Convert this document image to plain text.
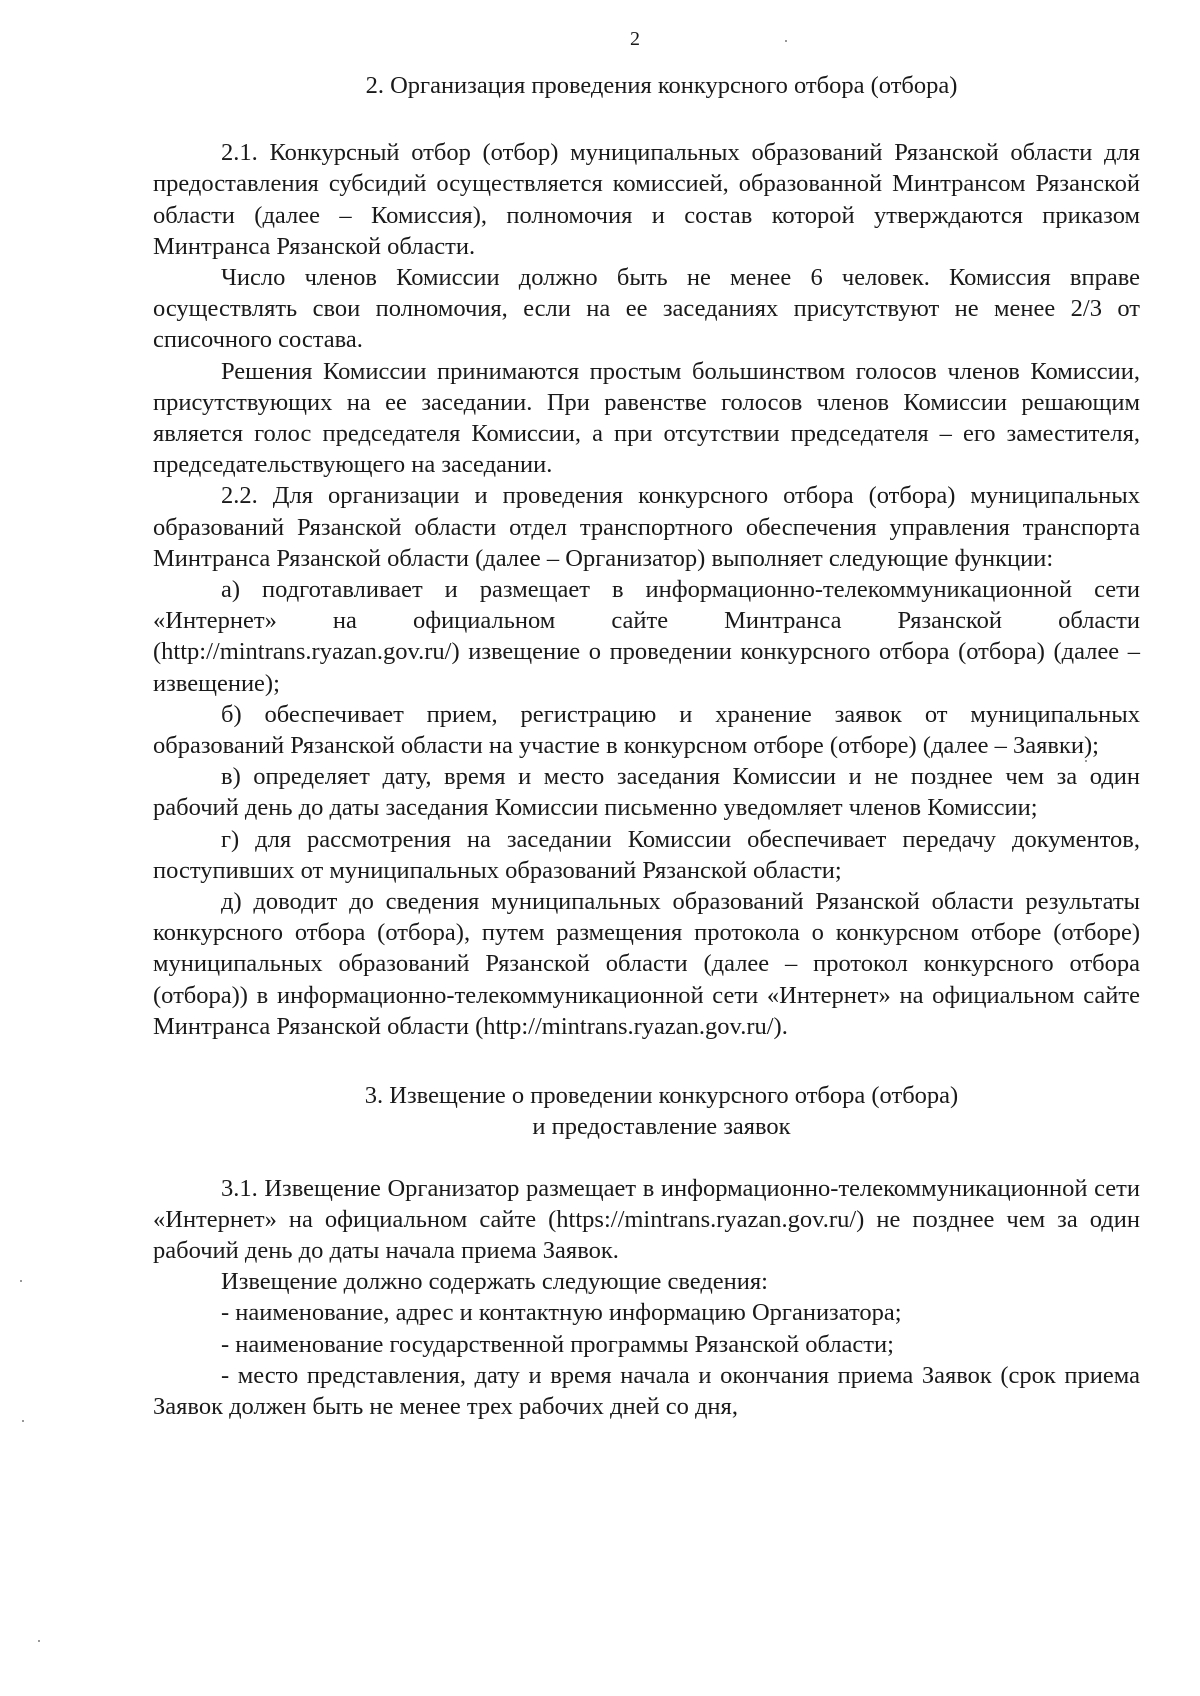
2
2. Организация проведения конкурсного отбора (отбора)

2.1. Конкурсный отбор (отбор) муниципальных образований Рязанской области для предоставления субсидий осуществляется комиссией, образованной Минтрансом Рязанской области (далее – Комиссия), полномочия и состав которой утверждаются приказом Минтранса Рязанской области.

Число членов Комиссии должно быть не менее 6 человек. Комиссия вправе осуществлять свои полномочия, если на ее заседаниях присутствуют не менее 2/3 от списочного состава.

Решения Комиссии принимаются простым большинством голосов членов Комиссии, присутствующих на ее заседании. При равенстве голосов членов Комиссии решающим является голос председателя Комиссии, а при отсутствии председателя – его заместителя, председательствующего на заседании.

2.2. Для организации и проведения конкурсного отбора (отбора) муниципальных образований Рязанской области отдел транспортного обеспечения управления транспорта Минтранса Рязанской области (далее – Организатор) выполняет следующие функции:

а) подготавливает и размещает в информационно-телекоммуникационной сети «Интернет» на официальном сайте Минтранса Рязанской области (http://mintrans.ryazan.gov.ru/) извещение о проведении конкурсного отбора (отбора) (далее – извещение);

б) обеспечивает прием, регистрацию и хранение заявок от муниципальных образований Рязанской области на участие в конкурсном отборе (отборе) (далее – Заявки);

в) определяет дату, время и место заседания Комиссии и не позднее чем за один рабочий день до даты заседания Комиссии письменно уведомляет членов Комиссии;

г) для рассмотрения на заседании Комиссии обеспечивает передачу документов, поступивших от муниципальных образований Рязанской области;

д) доводит до сведения муниципальных образований Рязанской области результаты конкурсного отбора (отбора), путем размещения протокола о конкурсном отборе (отборе) муниципальных образований Рязанской области (далее – протокол конкурсного отбора (отбора)) в информационно-телекоммуникационной сети «Интернет» на официальном сайте Минтранса Рязанской области (http://mintrans.ryazan.gov.ru/).

3. Извещение о проведении конкурсного отбора (отбора)
и предоставление заявок

3.1. Извещение Организатор размещает в информационно-телекоммуникационной сети «Интернет» на официальном сайте (https://mintrans.ryazan.gov.ru/) не позднее чем за один рабочий день до даты начала приема Заявок.

Извещение должно содержать следующие сведения:

- наименование, адрес и контактную информацию Организатора;

- наименование государственной программы Рязанской области;

- место представления, дату и время начала и окончания приема Заявок (срок приема Заявок должен быть не менее трех рабочих дней со дня,
